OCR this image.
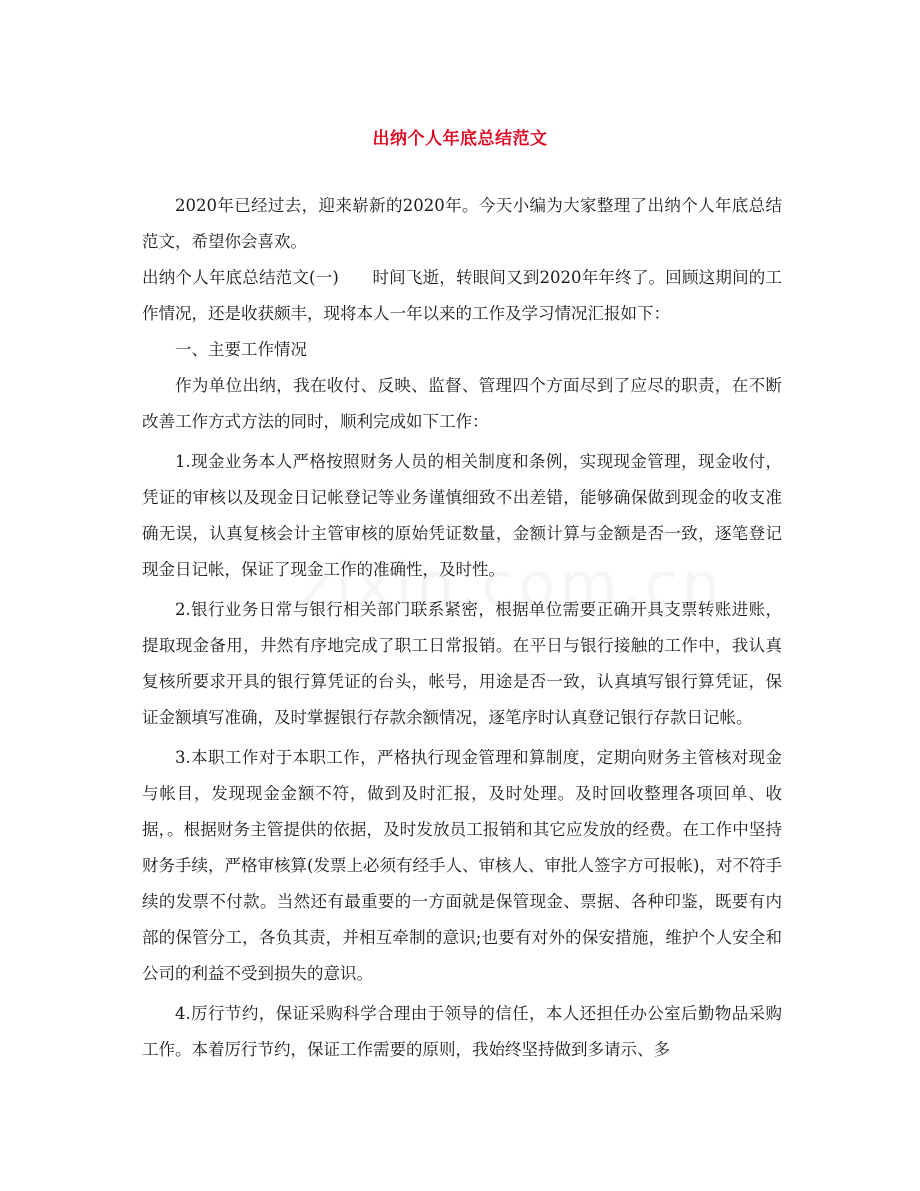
出纳个人年底总结范文

2020年已经过去，迎来崭新的2020年。今天小编为大家整理了出纳个人年底总结范文，希望你会喜欢。

出纳个人年底总结范文(一)　　时间飞逝，转眼间又到2020年年终了。回顾这期间的工作情况，还是收获颇丰，现将本人一年以来的工作及学习情况汇报如下：

一、主要工作情况

作为单位出纳，我在收付、反映、监督、管理四个方面尽到了应尽的职责，在不断改善工作方式方法的同时，顺利完成如下工作：

1.现金业务本人严格按照财务人员的相关制度和条例，实现现金管理，现金收付，凭证的审核以及现金日记帐登记等业务谨慎细致不出差错，能够确保做到现金的收支准确无误，认真复核会计主管审核的原始凭证数量，金额计算与金额是否一致，逐笔登记现金日记帐，保证了现金工作的准确性，及时性。

2.银行业务日常与银行相关部门联系紧密，根据单位需要正确开具支票转账进账，提取现金备用，井然有序地完成了职工日常报销。在平日与银行接触的工作中，我认真复核所要求开具的银行算凭证的台头，帐号，用途是否一致，认真填写银行算凭证，保证金额填写准确，及时掌握银行存款余额情况，逐笔序时认真登记银行存款日记帐。

3.本职工作对于本职工作，严格执行现金管理和算制度，定期向财务主管核对现金与帐目，发现现金金额不符，做到及时汇报，及时处理。及时回收整理各项回单、收据，。根据财务主管提供的依据，及时发放员工报销和其它应发放的经费。在工作中坚持财务手续，严格审核算(发票上必须有经手人、审核人、审批人签字方可报帐)，对不符手续的发票不付款。当然还有最重要的一方面就是保管现金、票据、各种印鉴，既要有内部的保管分工，各负其责，并相互牵制的意识;也要有对外的保安措施，维护个人安全和公司的利益不受到损失的意识。

4.厉行节约，保证采购科学合理由于领导的信任，本人还担任办公室后勤物品采购工作。本着厉行节约，保证工作需要的原则，我始终坚持做到多请示、多
